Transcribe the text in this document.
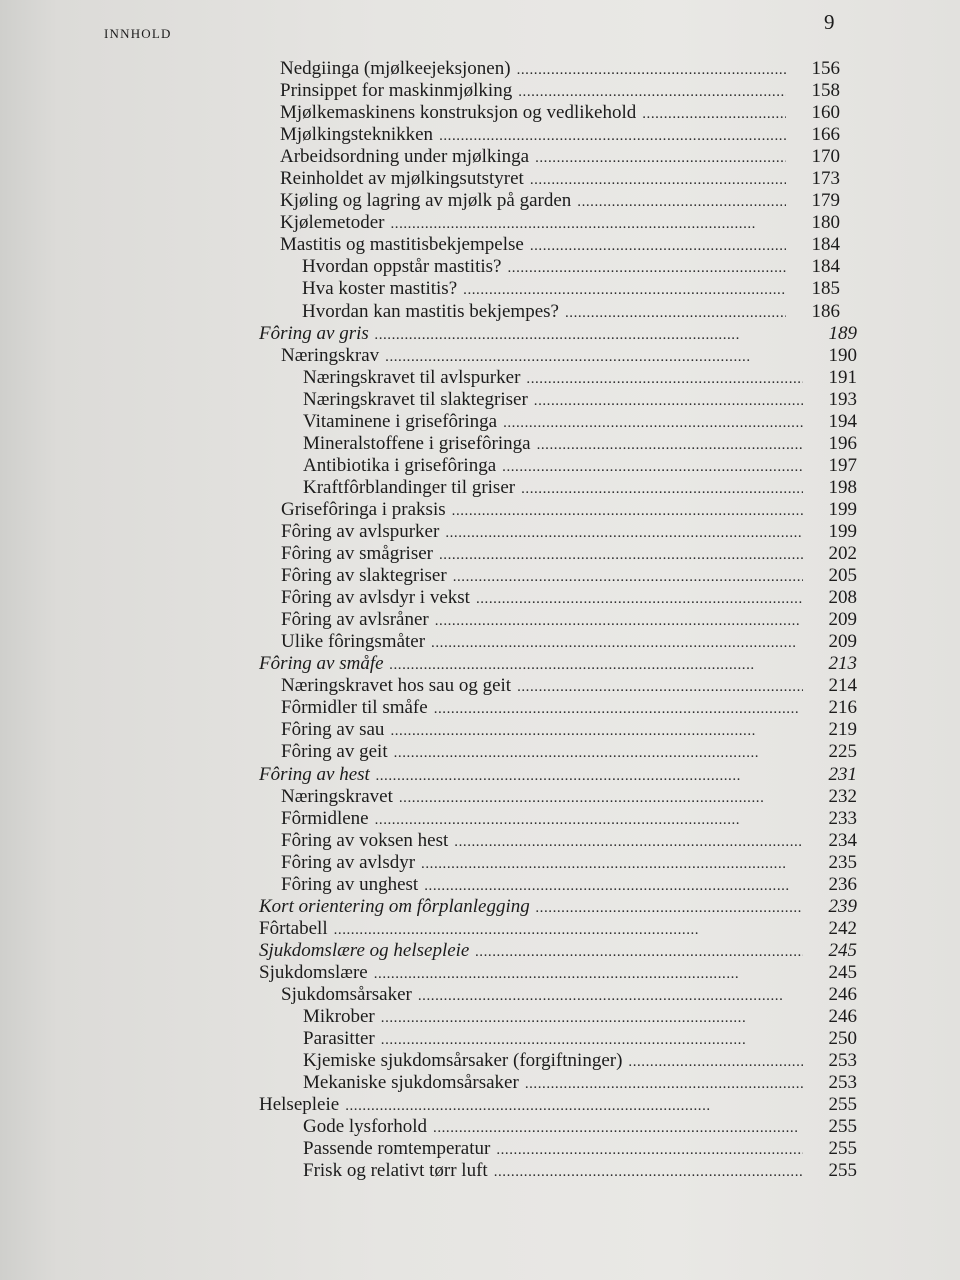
INNHOLD	9
Nedgiinga (mjølkeejeksjonen) . . .	156
Prinsippet for maskinmjølking . . .	158
Mjølkemaskinens konstruksjon og vedlikehold . . .	160
Mjølkingsteknikken . . .	166
Arbeidsordning under mjølkinga . . .	170
Reinholdet av mjølkingsutstyret . . .	173
Kjøling og lagring av mjølk på garden . . .	179
Kjølemetoder . . .	180
Mastitis og mastitisbekjempelse . . .	184
Hvordan oppstår mastitis? . . .	184
Hva koster mastitis? . . .	185
Hvordan kan mastitis bekjempes? . . .	186
Fôring av gris . . .	189
Næringskrav . . .	190
Næringskravet til avlspurker . . .	191
Næringskravet til slaktegriser . . .	193
Vitaminene i grisefôringa . . .	194
Mineralstoffene i grisefôringa . . .	196
Antibiotika i grisefôringa . . .	197
Kraftfôrblandinger til griser . . .	198
Grisefôringa i praksis . . .	199
Fôring av avlspurker . . .	199
Fôring av smågriser . . .	202
Fôring av slaktegriser . . .	205
Fôring av avlsdyr i vekst . . .	208
Fôring av avlsråner . . .	209
Ulike fôringsmåter . . .	209
Fôring av småfe . . .	213
Næringskravet hos sau og geit . . .	214
Fôrmidler til småfe . . .	216
Fôring av sau . . .	219
Fôring av geit . . .	225
Fôring av hest . . .	231
Næringskravet . . .	232
Fôrmidlene . . .	233
Fôring av voksen hest . . .	234
Fôring av avlsdyr . . .	235
Fôring av unghest . . .	236
Kort orientering om fôrplanlegging . . .	239
Fôrtabell . . .	242
Sjukdomslære og helsepleie . . .	245
Sjukdomslære . . .	245
Sjukdomsårsaker . . .	246
Mikrober . . .	246
Parasitter . . .	250
Kjemiske sjukdomsårsaker (forgiftninger) . . .	253
Mekaniske sjukdomsårsaker . . .	253
Helsepleie . . .	255
Gode lysforhold . . .	255
Passende romtemperatur . . .	255
Frisk og relativt tørr luft . . .	255
